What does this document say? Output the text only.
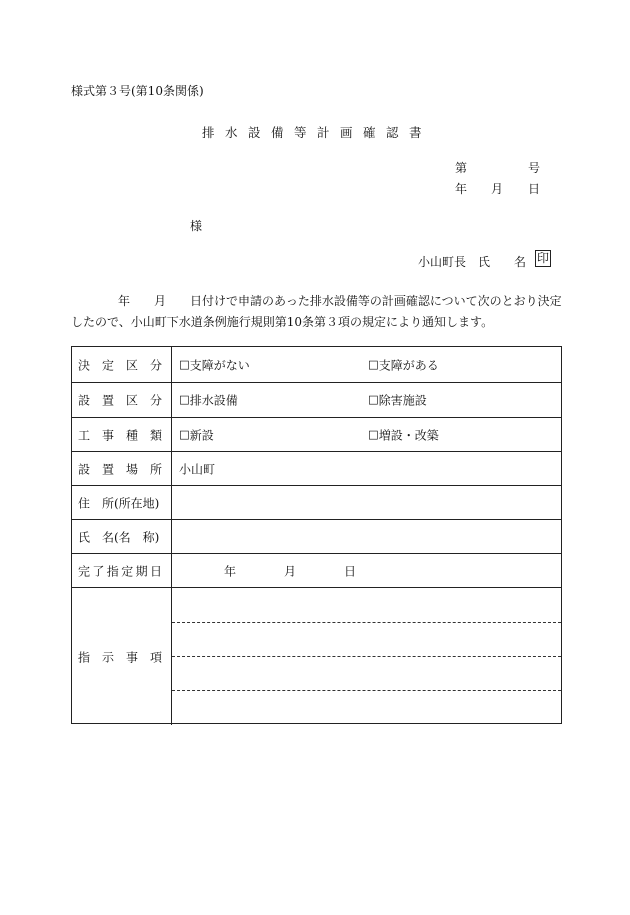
様式第３号(第10条関係)
排水設備等計画確認書
第	号
年 月 日
様
小山町長　氏　　名 印
年　　月　　日付けで申請のあった排水設備等の計画確認について次のとおり決定
したので、小山町下水道条例施行規則第10条第３項の規定により通知します。
決　定　区　分 ☐支障がない	☐支障がある
設　置　区　分 ☐排水設備	☐除害施設
工　事　種　類 ☐新設	☐増設・改築
設　置　場　所 小山町
住　所(所在地)
氏　名(名　称)
完了指定期日	年	月	日
指　示　事　項
